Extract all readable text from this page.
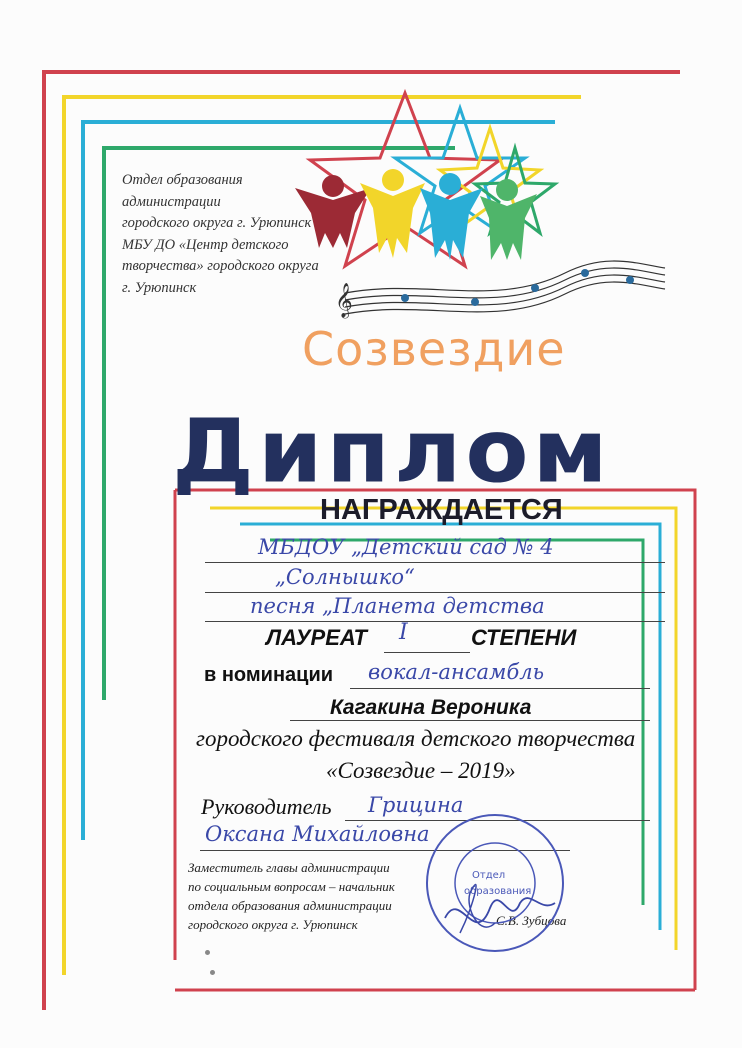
Отдел образования
администрации
городского округа г. Урюпинск
МБУ ДО «Центр детского
творчества» городского округа
г. Урюпинск	𝄞
Созвездие
Диплом
НАГРАЖДАЕТСЯ
МБДОУ „Детский сад № 4
„Солнышко“
песня „Планета детства
ЛАУРЕАТ I	СТЕПЕНИ
в номинации вокал-ансамбль
Кагакина Вероника
городского фестиваля детского творчества
«Созвездие – 2019»
Руководитель Грицина
Оксана Михайловна
Заместитель главы администрации
по социальным вопросам – начальник
отдела образования администрации
городского округа г. Урюпинск	С.В. Зубцова
Отдел
образования
